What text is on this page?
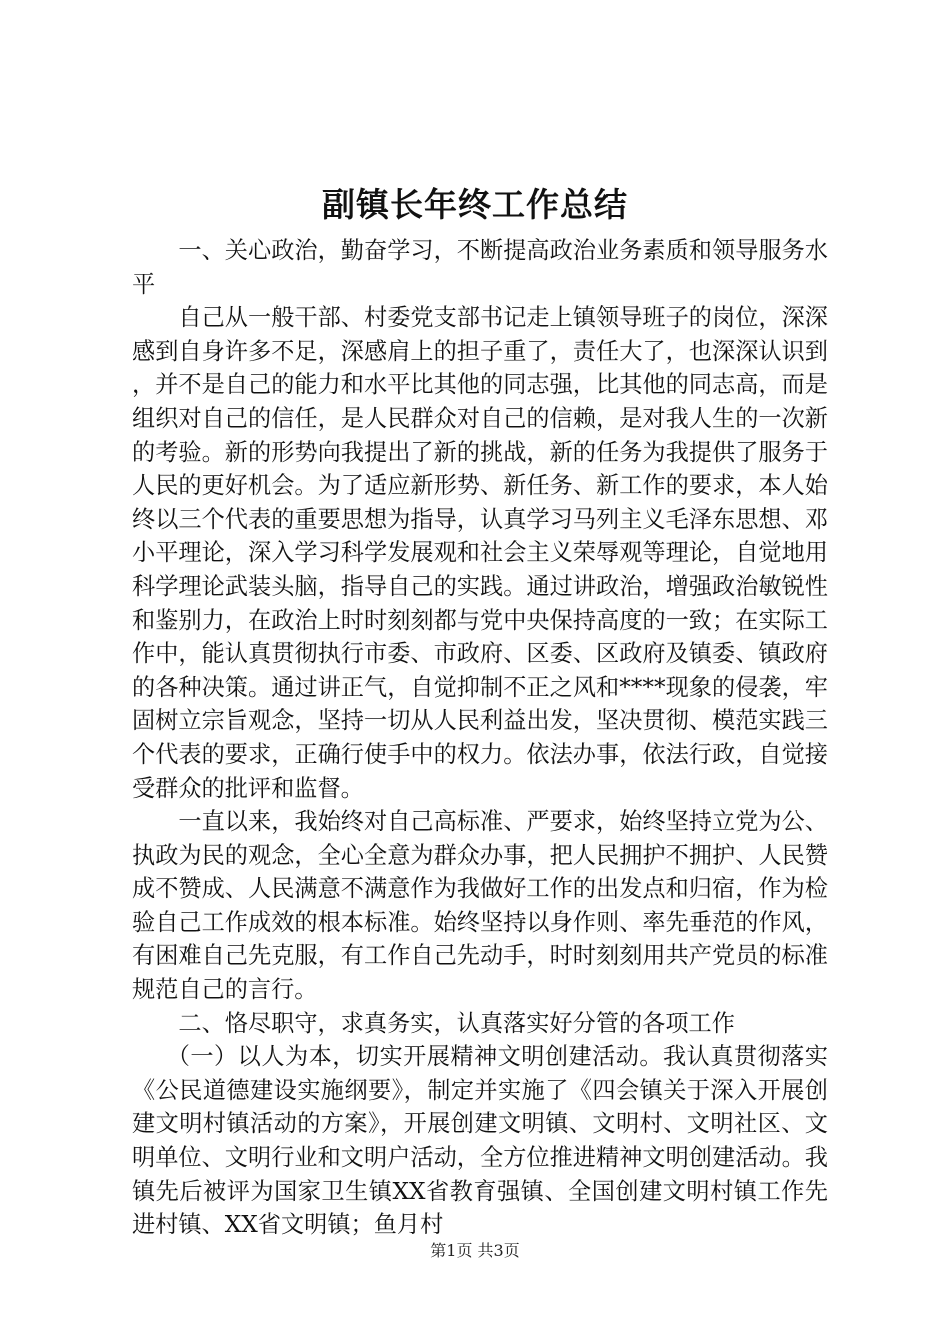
副镇长年终工作总结

一、关心政治，勤奋学习，不断提高政治业务素质和领导服务水平

自己从一般干部、村委党支部书记走上镇领导班子的岗位，深深感到自身许多不足，深感肩上的担子重了，责任大了，也深深认识到，并不是自己的能力和水平比其他的同志强，比其他的同志高，而是组织对自己的信任，是人民群众对自己的信赖，是对我人生的一次新的考验。新的形势向我提出了新的挑战，新的任务为我提供了服务于人民的更好机会。为了适应新形势、新任务、新工作的要求，本人始终以三个代表的重要思想为指导，认真学习马列主义毛泽东思想、邓小平理论，深入学习科学发展观和社会主义荣辱观等理论，自觉地用科学理论武装头脑，指导自己的实践。通过讲政治，增强政治敏锐性和鉴别力，在政治上时时刻刻都与党中央保持高度的一致；在实际工作中，能认真贯彻执行市委、市政府、区委、区政府及镇委、镇政府的各种决策。通过讲正气，自觉抑制不正之风和****现象的侵袭，牢固树立宗旨观念，坚持一切从人民利益出发，坚决贯彻、模范实践三个代表的要求，正确行使手中的权力。依法办事，依法行政，自觉接受群众的批评和监督。

一直以来，我始终对自己高标准、严要求，始终坚持立党为公、执政为民的观念，全心全意为群众办事，把人民拥护不拥护、人民赞成不赞成、人民满意不满意作为我做好工作的出发点和归宿，作为检验自己工作成效的根本标准。始终坚持以身作则、率先垂范的作风，有困难自己先克服，有工作自己先动手，时时刻刻用共产党员的标准规范自己的言行。

二、恪尽职守，求真务实，认真落实好分管的各项工作

（一）以人为本，切实开展精神文明创建活动。我认真贯彻落实《公民道德建设实施纲要》，制定并实施了《四会镇关于深入开展创建文明村镇活动的方案》，开展创建文明镇、文明村、文明社区、文明单位、文明行业和文明户活动，全方位推进精神文明创建活动。我镇先后被评为国家卫生镇XX省教育强镇、全国创建文明村镇工作先进村镇、XX省文明镇；鱼月村

第1页 共3页
